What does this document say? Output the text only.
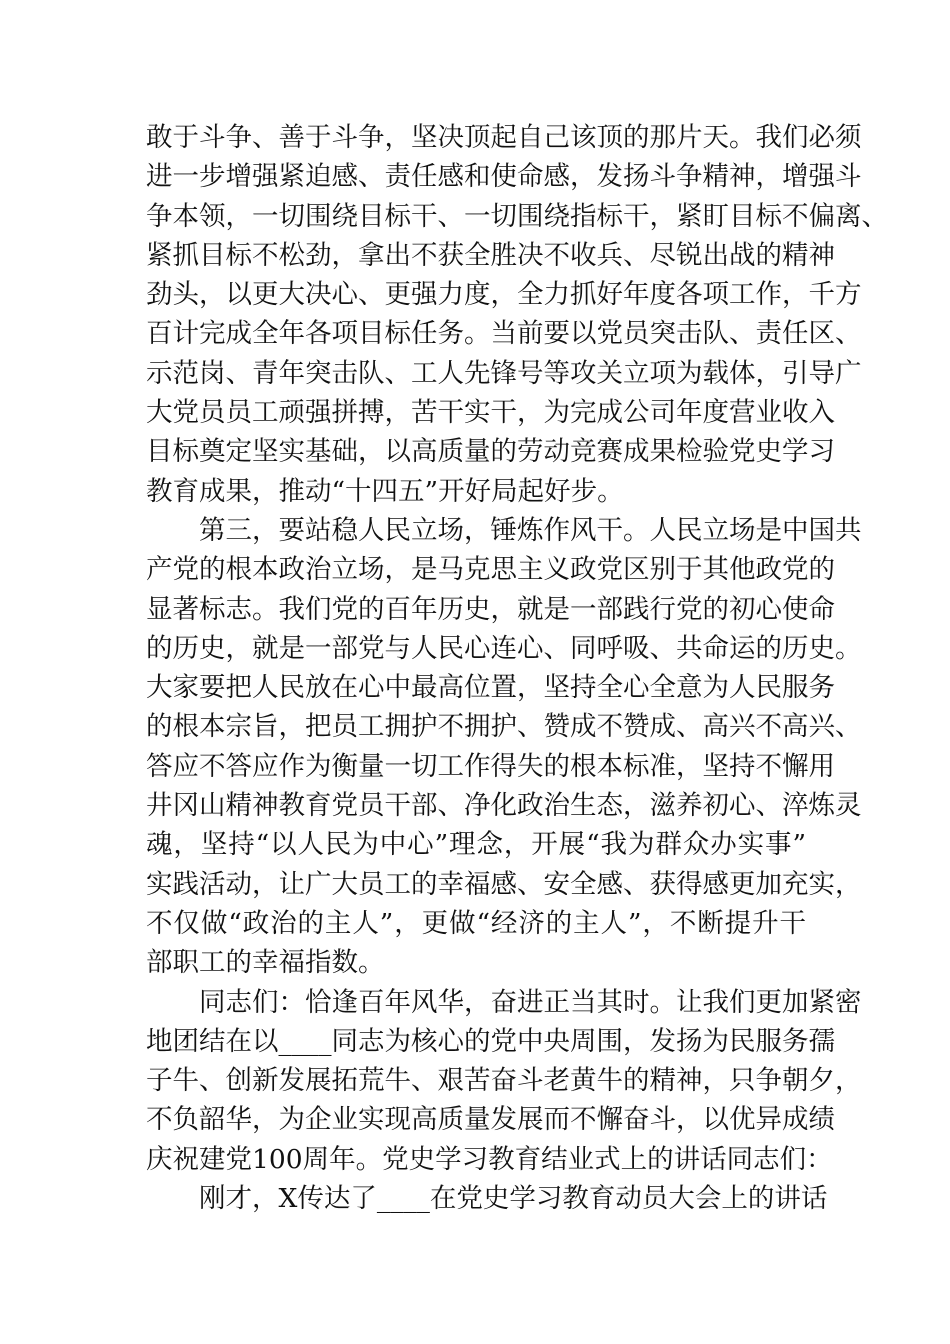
敢于斗争、善于斗争，坚决顶起自己该顶的那片天。我们必须
进一步增强紧迫感、责任感和使命感，发扬斗争精神，增强斗
争本领，一切围绕目标干、一切围绕指标干，紧盯目标不偏离、
紧抓目标不松劲，拿出不获全胜决不收兵、尽锐出战的精神
劲头，以更大决心、更强力度，全力抓好年度各项工作，千方
百计完成全年各项目标任务。当前要以党员突击队、责任区、
示范岗、青年突击队、工人先锋号等攻关立项为载体，引导广
大党员员工顽强拼搏，苦干实干，为完成公司年度营业收入
目标奠定坚实基础，以高质量的劳动竞赛成果检验党史学习
教育成果，推动“十四五”开好局起好步。
第三，要站稳人民立场，锤炼作风干。人民立场是中国共
产党的根本政治立场，是马克思主义政党区别于其他政党的
显著标志。我们党的百年历史，就是一部践行党的初心使命
的历史，就是一部党与人民心连心、同呼吸、共命运的历史。
大家要把人民放在心中最高位置，坚持全心全意为人民服务
的根本宗旨，把员工拥护不拥护、赞成不赞成、高兴不高兴、
答应不答应作为衡量一切工作得失的根本标准，坚持不懈用
井冈山精神教育党员干部、净化政治生态，滋养初心、淬炼灵
魂，坚持“以人民为中心”理念，开展“我为群众办实事”
实践活动，让广大员工的幸福感、安全感、获得感更加充实，
不仅做“政治的主人”，更做“经济的主人”，不断提升干
部职工的幸福指数。
同志们：恰逢百年风华，奋进正当其时。让我们更加紧密
地团结在以____同志为核心的党中央周围，发扬为民服务孺
子牛、创新发展拓荒牛、艰苦奋斗老黄牛的精神，只争朝夕，
不负韶华，为企业实现高质量发展而不懈奋斗，以优异成绩
庆祝建党100周年。党史学习教育结业式上的讲话同志们：
刚才，X传达了____在党史学习教育动员大会上的讲话
